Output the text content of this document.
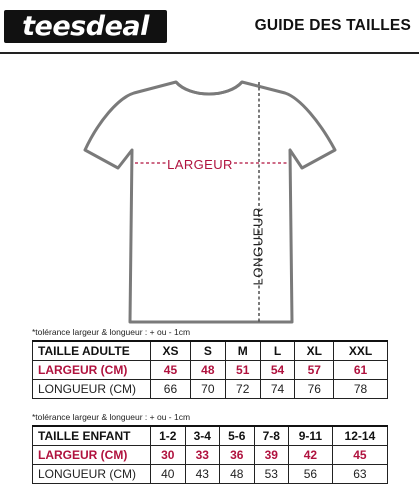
teesdeal	GUIDE DES TAILLES
LARGEUR
LONGUEUR
*tolérance largeur & longueur : + ou - 1cm
TAILLE ADULTE	XS	S	M	L	XL	XXL
LARGEUR (CM)	45	48	51	54	57	61
LONGUEUR (CM)	66	70	72	74	76	78
*tolérance largeur & longueur : + ou - 1cm
TAILLE ENFANT	1-2	3-4	5-6	7-8	9-11	12-14
LARGEUR (CM)	30	33	36	39	42	45
LONGUEUR (CM)	40	43	48	53	56	63
